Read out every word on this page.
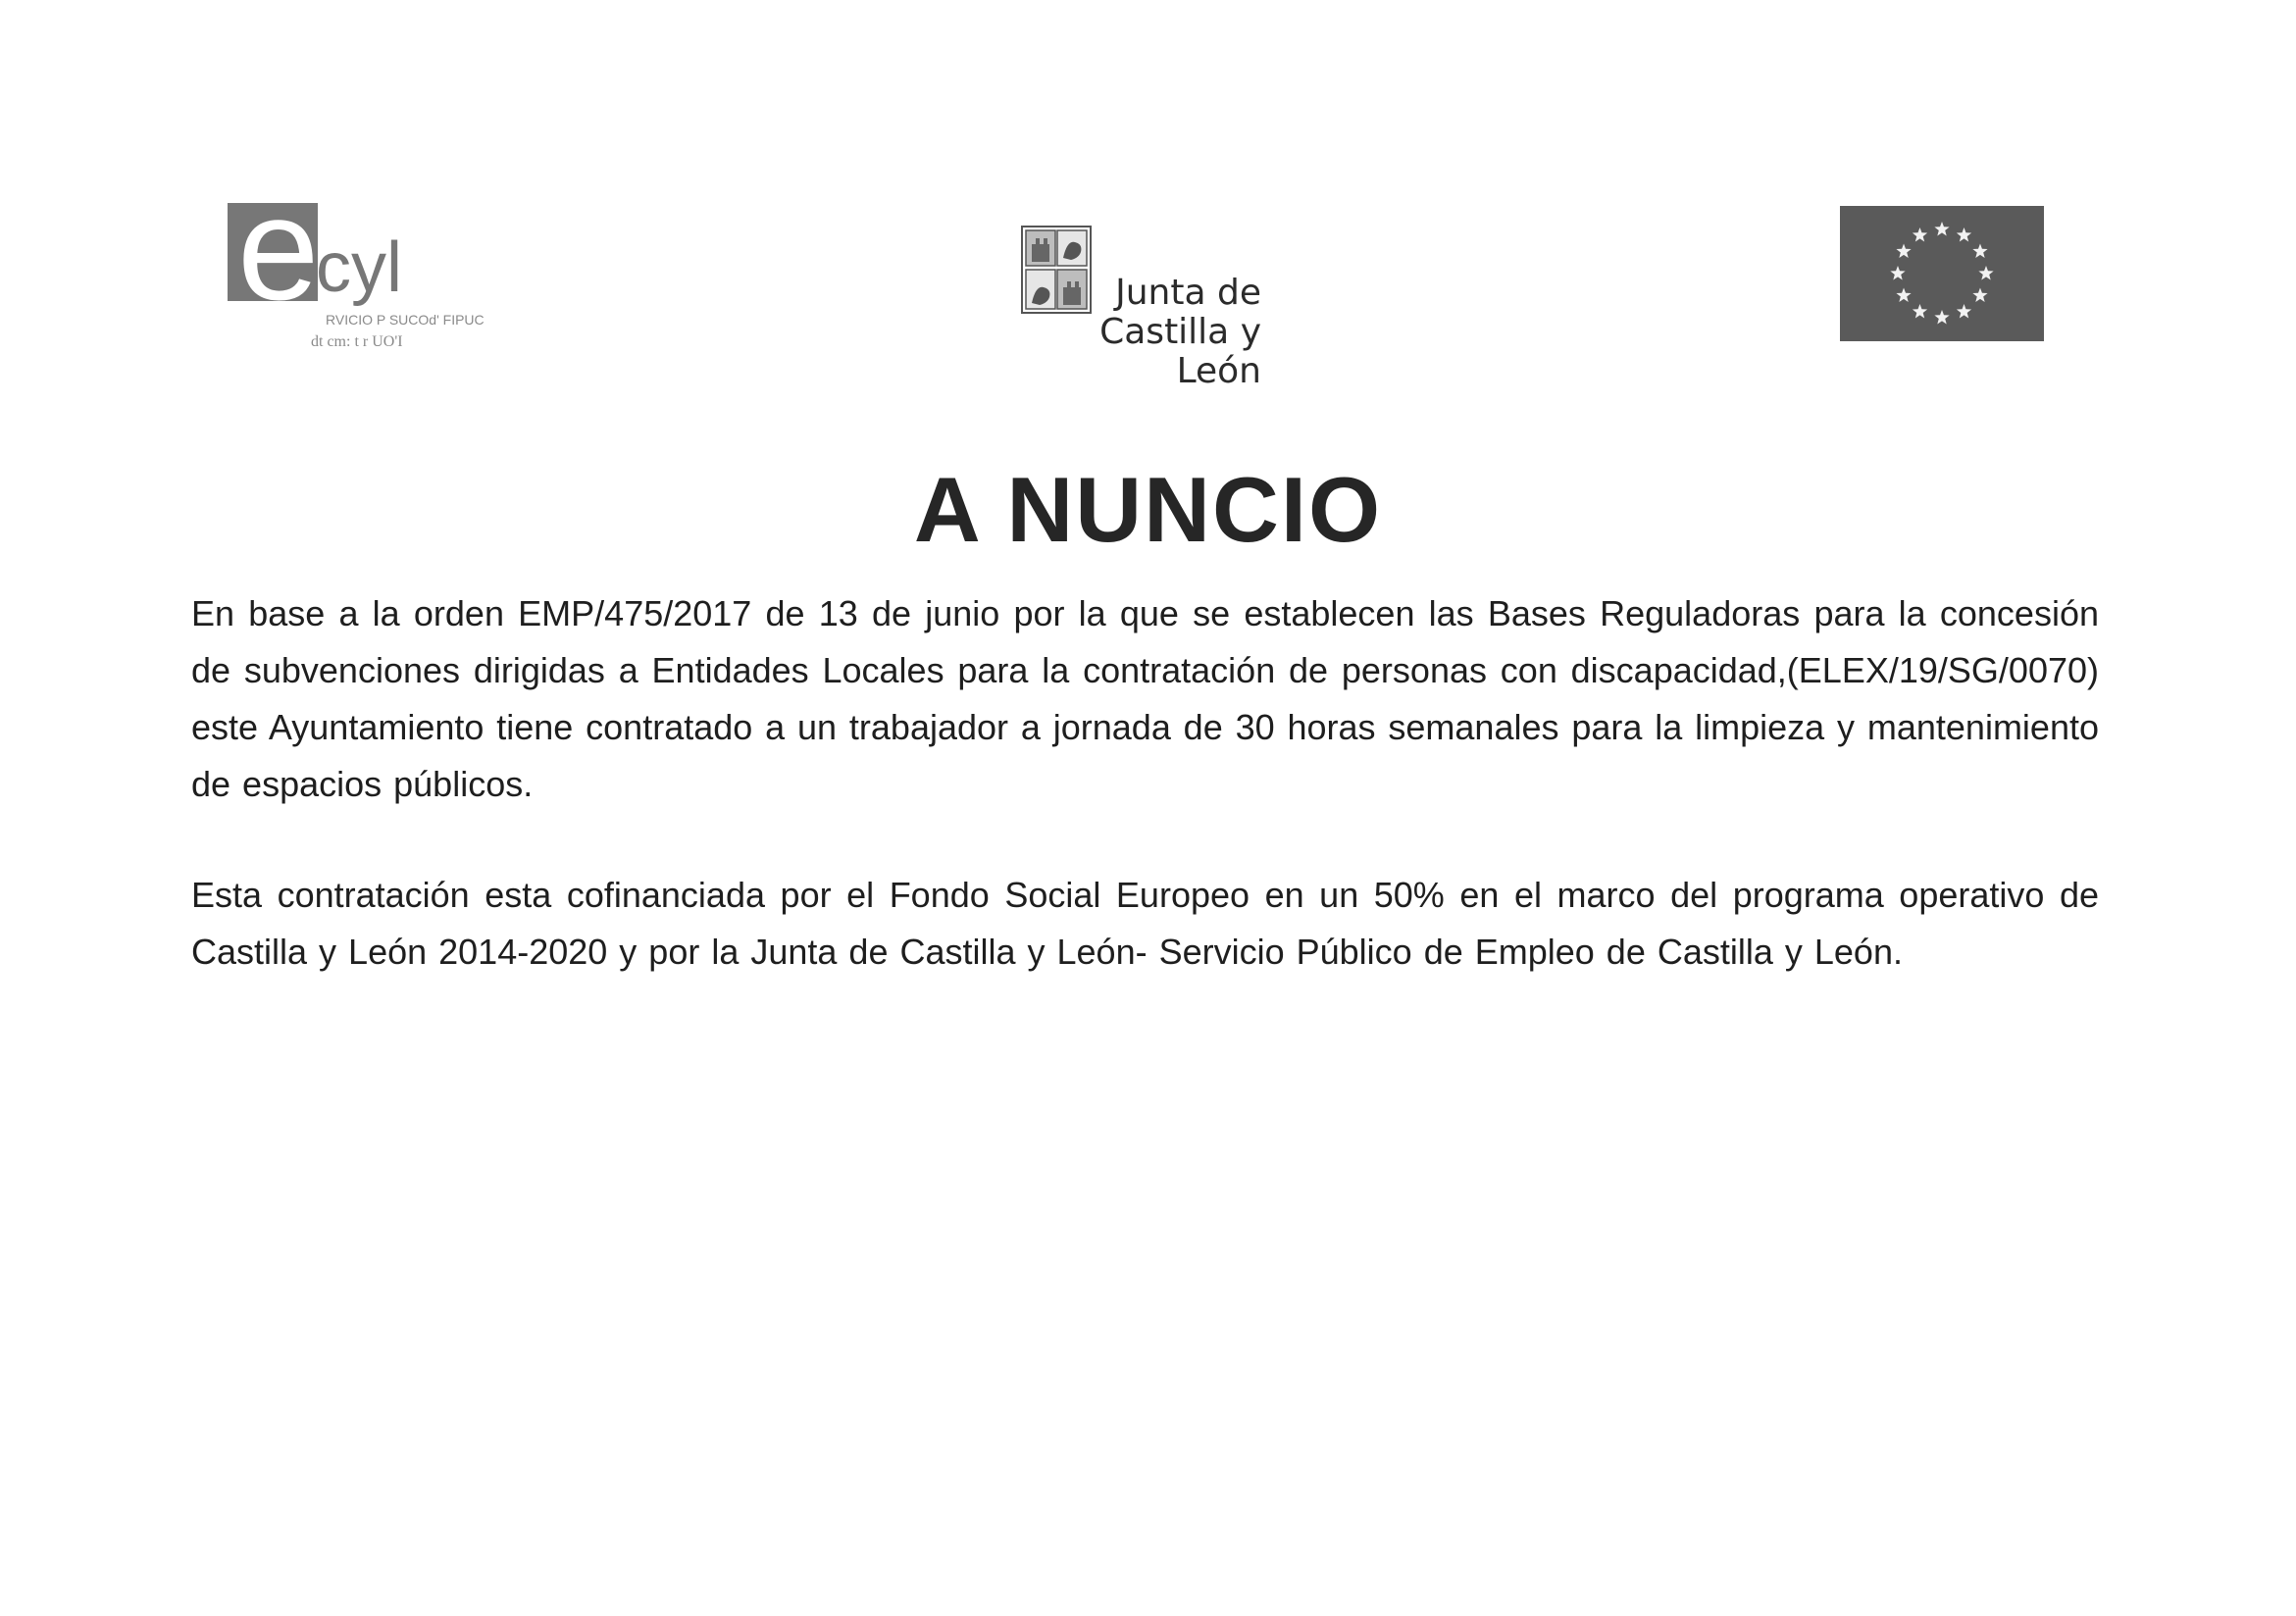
e
cyl
RVICIO P SUCOd' FIPUC
dt cm: t r UO'I
Junta de
Castilla y León
A NUNCIO

En base a la orden EMP/475/2017 de 13 de junio por la que se establecen las Bases Reguladoras para la concesión de subvenciones dirigidas a Entidades Locales para la contratación de personas con discapacidad,(ELEX/19/SG/0070) este Ayuntamiento tiene contratado a un trabajador a jornada de 30 horas semanales para la limpieza y mantenimiento de espacios públicos.

Esta contratación esta cofinanciada por el Fondo Social Europeo en un 50% en el marco del programa operativo de Castilla y León 2014-2020 y por la Junta de Castilla y León- Servicio Público de Empleo de Castilla y León.
